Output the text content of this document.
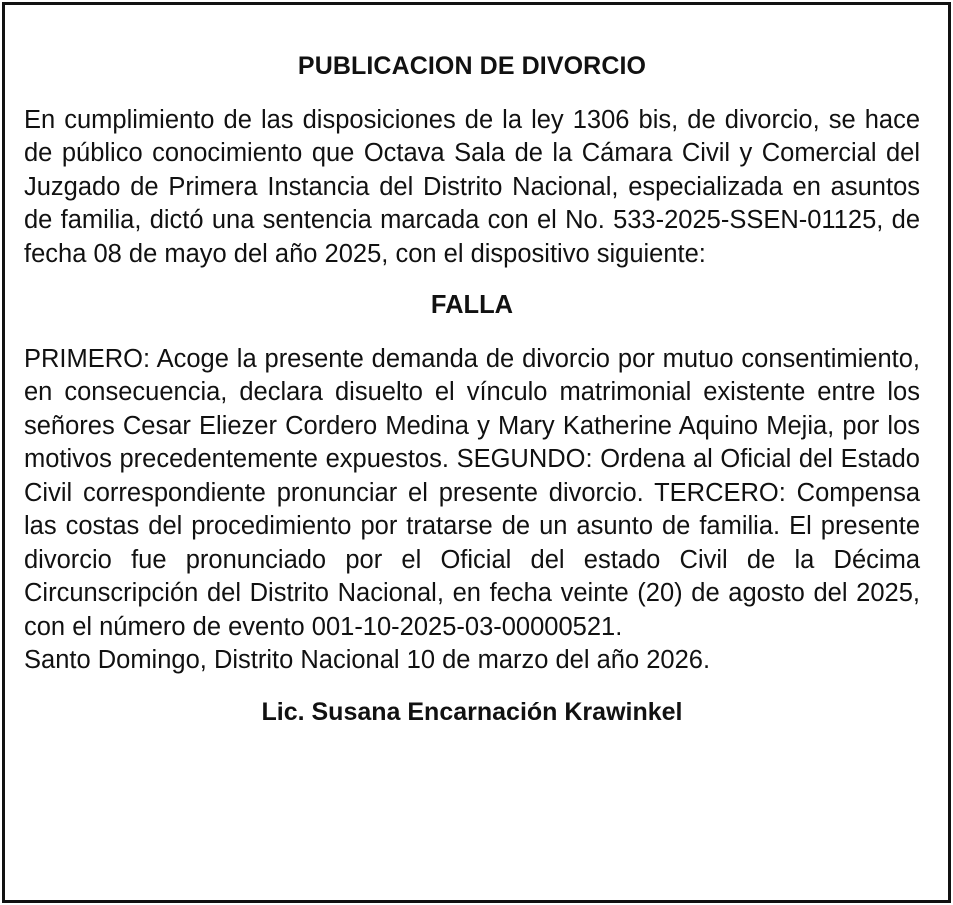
PUBLICACION DE DIVORCIO

En cumplimiento de las disposiciones de la ley 1306 bis, de divorcio, se hace de público conocimiento que Octava Sala de la Cámara Civil y Comercial del Juzgado de Primera Instancia del Distrito Nacional, especializada en asuntos de familia, dictó una sentencia marcada con el No. 533-2025-SSEN-01125, de fecha 08 de mayo del año 2025, con el dispositivo siguiente:

FALLA

PRIMERO: Acoge la presente demanda de divorcio por mutuo consentimiento, en consecuencia, declara disuelto el vínculo matrimonial existente entre los señores Cesar Eliezer Cordero Medina y Mary Katherine Aquino Mejia, por los motivos precedentemente expuestos. SEGUNDO: Ordena al Oficial del Estado Civil correspondiente pronunciar el presente divorcio. TERCERO: Compensa las costas del procedimiento por tratarse de un asunto de familia. El presente divorcio fue pronunciado por el Oficial del estado Civil de la Décima Circunscripción del Distrito Nacional, en fecha veinte (20) de agosto del 2025, con el número de evento 001-10-2025-03-00000521.

Santo Domingo, Distrito Nacional 10 de marzo del año 2026.

Lic. Susana Encarnación Krawinkel
